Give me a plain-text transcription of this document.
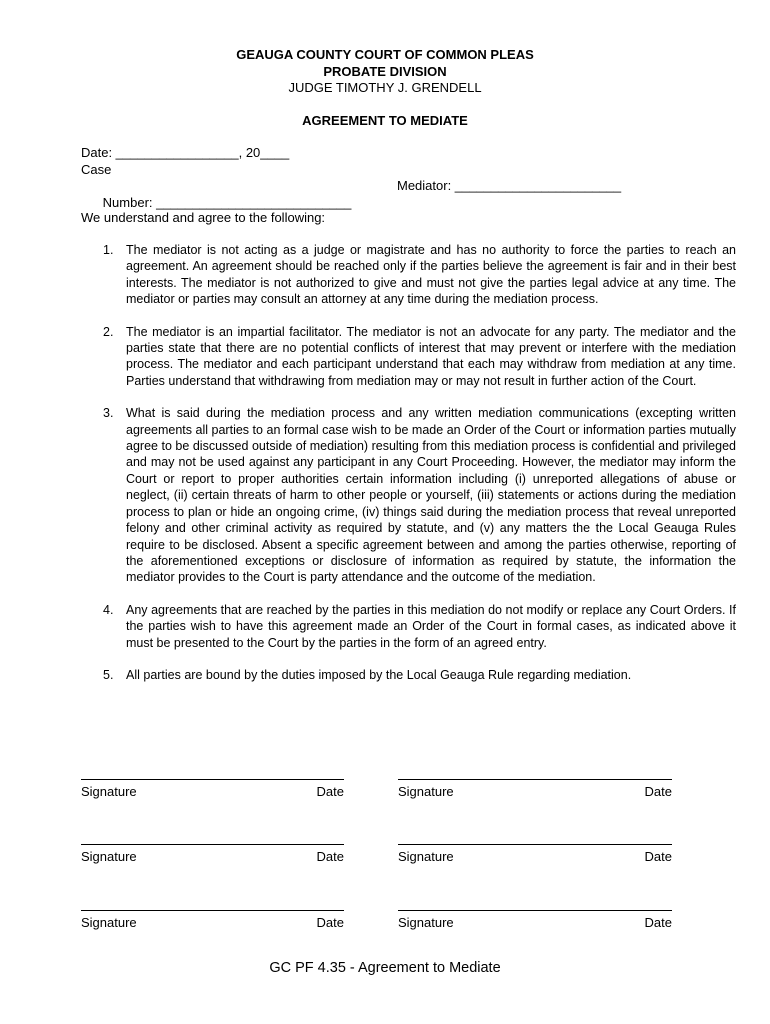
GEAUGA COUNTY COURT OF COMMON PLEAS
PROBATE DIVISION
JUDGE TIMOTHY J. GRENDELL
AGREEMENT TO MEDIATE
Date: _________________, 20____
Case

Number: ___________________________

Mediator: _______________________

We understand and agree to the following:
1. The mediator is not acting as a judge or magistrate and has no authority to force the parties to reach an agreement. An agreement should be reached only if the parties believe the agreement is fair and in their best interests. The mediator is not authorized to give and must not give the parties legal advice at any time. The mediator or parties may consult an attorney at any time during the mediation process.
2. The mediator is an impartial facilitator. The mediator is not an advocate for any party. The mediator and the parties state that there are no potential conflicts of interest that may prevent or interfere with the mediation process. The mediator and each participant understand that each may withdraw from mediation at any time. Parties understand that withdrawing from mediation may or may not result in further action of the Court.
3. What is said during the mediation process and any written mediation communications (excepting written agreements all parties to an formal case wish to be made an Order of the Court or information parties mutually agree to be discussed outside of mediation) resulting from this mediation process is confidential and privileged and may not be used against any participant in any Court Proceeding. However, the mediator may inform the Court or report to proper authorities certain information including (i) unreported allegations of abuse or neglect, (ii) certain threats of harm to other people or yourself, (iii) statements or actions during the mediation process to plan or hide an ongoing crime, (iv) things said during the mediation process that reveal unreported felony and other criminal activity as required by statute, and (v) any matters the the Local Geauga Rules require to be disclosed. Absent a specific agreement between and among the parties otherwise, reporting of the aforementioned exceptions or disclosure of information as required by statute, the information the mediator provides to the Court is party attendance and the outcome of the mediation.
4. Any agreements that are reached by the parties in this mediation do not modify or replace any Court Orders. If the parties wish to have this agreement made an Order of the Court in formal cases, as indicated above it must be presented to the Court by the parties in the form of an agreed entry.
5. All parties are bound by the duties imposed by the Local Geauga Rule regarding mediation.
Signature	Date	Signature	Date
Signature	Date	Signature	Date
Signature	Date	Signature	Date
GC PF 4.35 - Agreement to Mediate
